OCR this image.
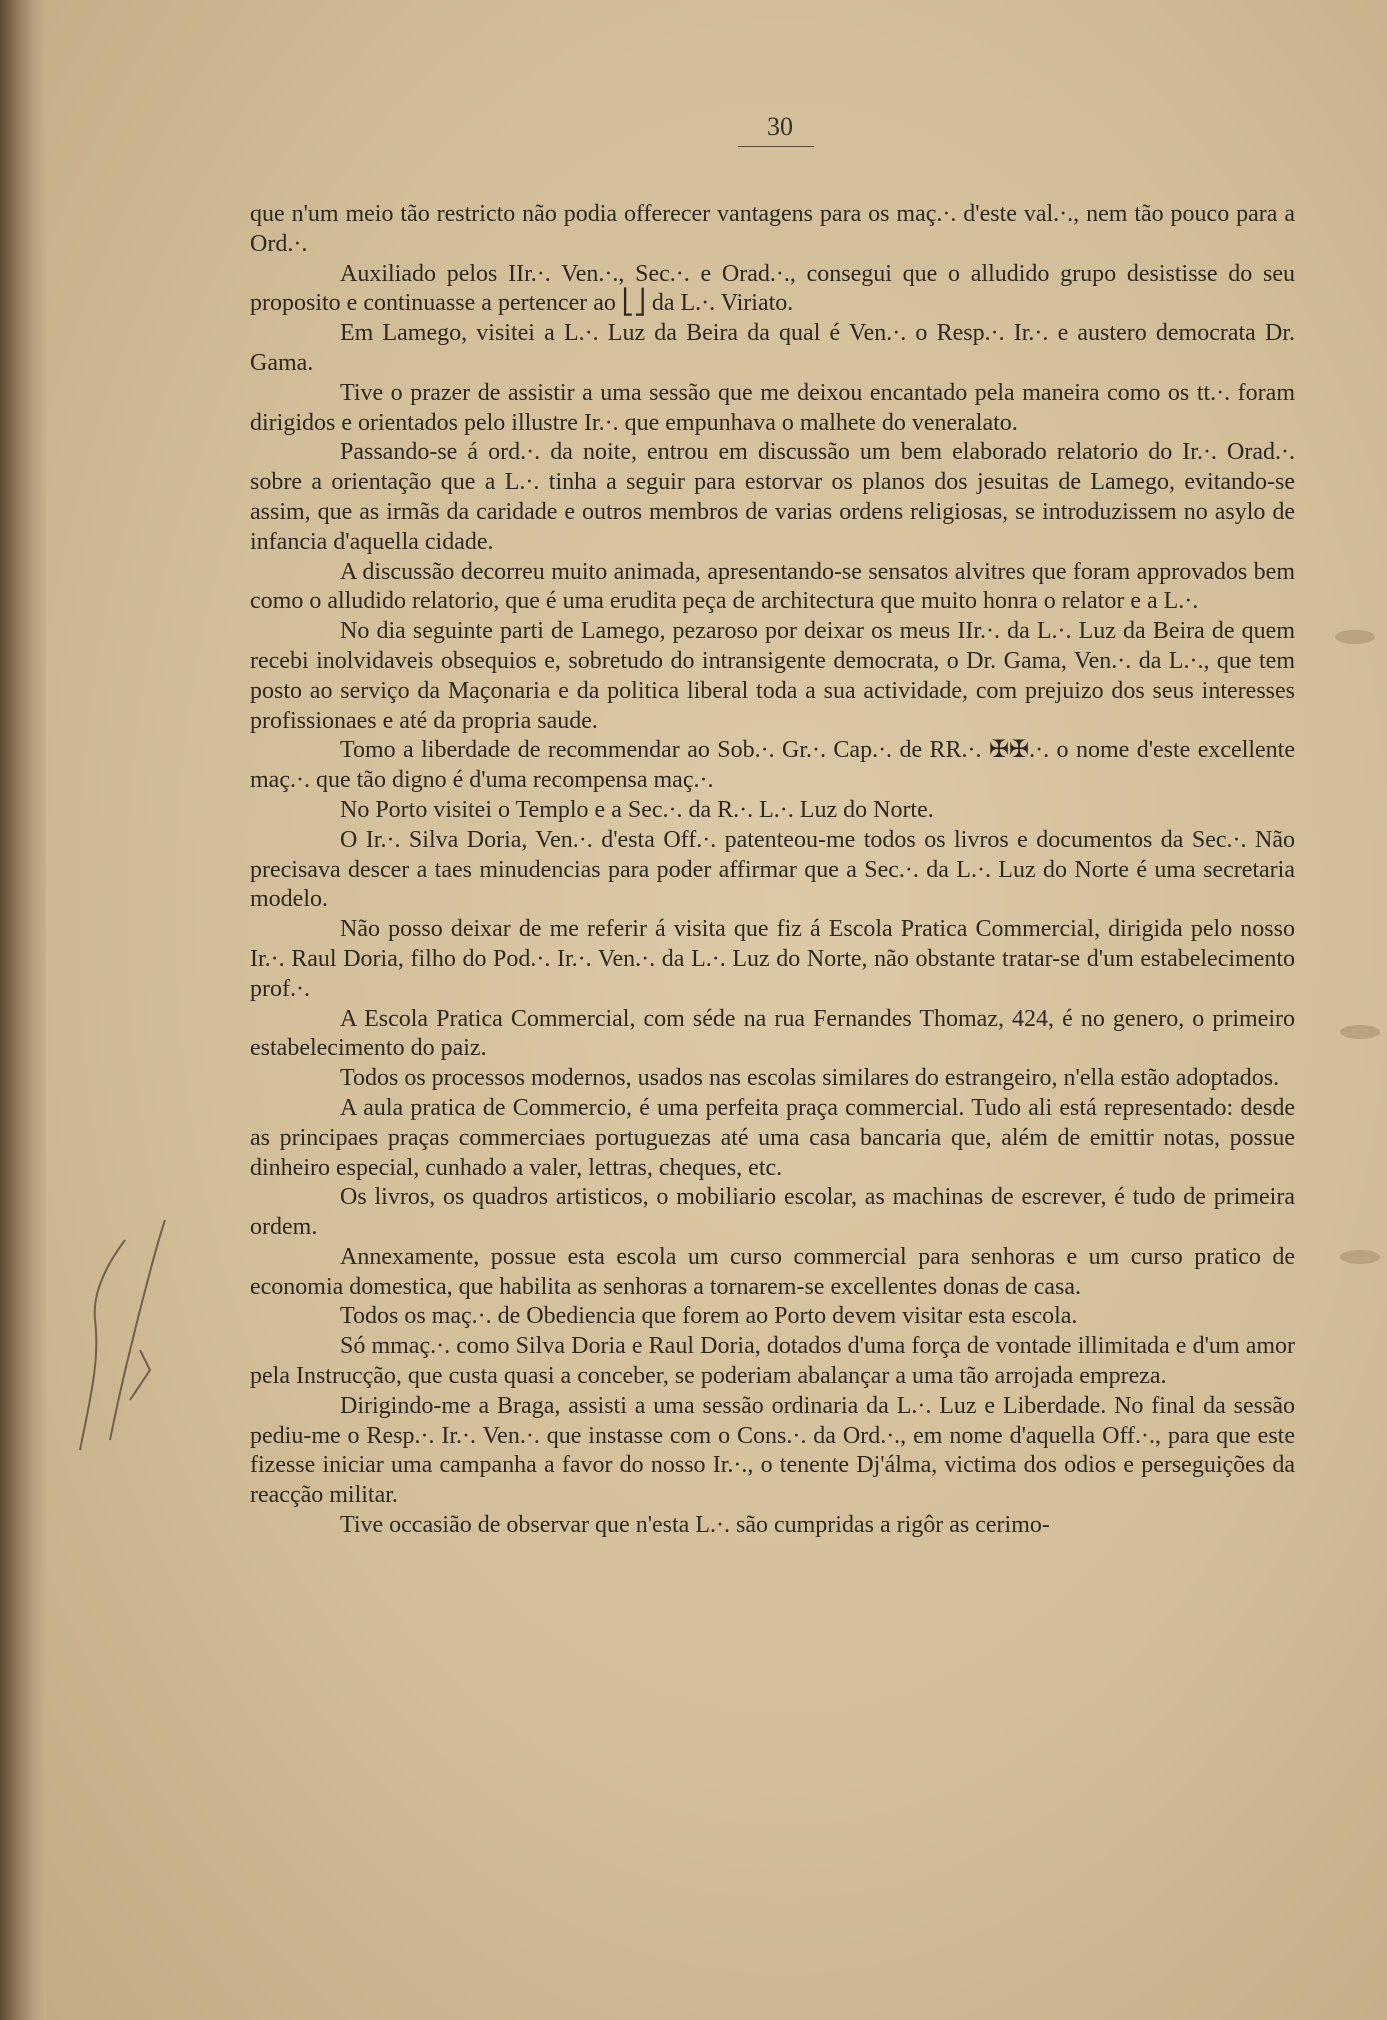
30

que n'um meio tão restricto não podia offerecer vantagens para os maç.·. d'este val.·., nem tão pouco para a Ord.·.

Auxiliado pelos IIr.·. Ven.·., Sec.·. e Orad.·., consegui que o alludido grupo desistisse do seu proposito e continuasse a pertencer ao ⎣⎦ da L.·. Viriato.

Em Lamego, visitei a L.·. Luz da Beira da qual é Ven.·. o Resp.·. Ir.·. e austero democrata Dr. Gama.

Tive o prazer de assistir a uma sessão que me deixou encantado pela maneira como os tt.·. foram dirigidos e orientados pelo illustre Ir.·. que empunhava o malhete do veneralato.

Passando-se á ord.·. da noite, entrou em discussão um bem elaborado relatorio do Ir.·. Orad.·. sobre a orientação que a L.·. tinha a seguir para estorvar os planos dos jesuitas de Lamego, evitando-se assim, que as irmãs da caridade e outros membros de varias ordens religiosas, se introduzissem no asylo de infancia d'aquella cidade.

A discussão decorreu muito animada, apresentando-se sensatos alvitres que foram approvados bem como o alludido relatorio, que é uma erudita peça de architectura que muito honra o relator e a L.·.

No dia seguinte parti de Lamego, pezaroso por deixar os meus IIr.·. da L.·. Luz da Beira de quem recebi inolvidaveis obsequios e, sobretudo do intransigente democrata, o Dr. Gama, Ven.·. da L.·., que tem posto ao serviço da Maçonaria e da politica liberal toda a sua actividade, com prejuizo dos seus interesses profissionaes e até da propria saude.

Tomo a liberdade de recommendar ao Sob.·. Gr.·. Cap.·. de RR.·. ✠✠.·. o nome d'este excellente maç.·. que tão digno é d'uma recompensa maç.·.

No Porto visitei o Templo e a Sec.·. da R.·. L.·. Luz do Norte.

O Ir.·. Silva Doria, Ven.·. d'esta Off.·. patenteou-me todos os livros e documentos da Sec.·. Não precisava descer a taes minudencias para poder affirmar que a Sec.·. da L.·. Luz do Norte é uma secretaria modelo.

Não posso deixar de me referir á visita que fiz á Escola Pratica Commercial, dirigida pelo nosso Ir.·. Raul Doria, filho do Pod.·. Ir.·. Ven.·. da L.·. Luz do Norte, não obstante tratar-se d'um estabelecimento prof.·.

A Escola Pratica Commercial, com séde na rua Fernandes Thomaz, 424, é no genero, o primeiro estabelecimento do paiz.

Todos os processos modernos, usados nas escolas similares do estrangeiro, n'ella estão adoptados.

A aula pratica de Commercio, é uma perfeita praça commercial. Tudo ali está representado: desde as principaes praças commerciaes portuguezas até uma casa bancaria que, além de emittir notas, possue dinheiro especial, cunhado a valer, lettras, cheques, etc.

Os livros, os quadros artisticos, o mobiliario escolar, as machinas de escrever, é tudo de primeira ordem.

Annexamente, possue esta escola um curso commercial para senhoras e um curso pratico de economia domestica, que habilita as senhoras a tornarem-se excellentes donas de casa.

Todos os maç.·. de Obediencia que forem ao Porto devem visitar esta escola.

Só mmaç.·. como Silva Doria e Raul Doria, dotados d'uma força de vontade illimitada e d'um amor pela Instrucção, que custa quasi a conceber, se poderiam abalançar a uma tão arrojada empreza.

Dirigindo-me a Braga, assisti a uma sessão ordinaria da L.·. Luz e Liberdade. No final da sessão pediu-me o Resp.·. Ir.·. Ven.·. que instasse com o Cons.·. da Ord.·., em nome d'aquella Off.·., para que este fizesse iniciar uma campanha a favor do nosso Ir.·., o tenente Dj'álma, victima dos odios e perseguições da reacção militar.

Tive occasião de observar que n'esta L.·. são cumpridas a rigôr as cerimo-
